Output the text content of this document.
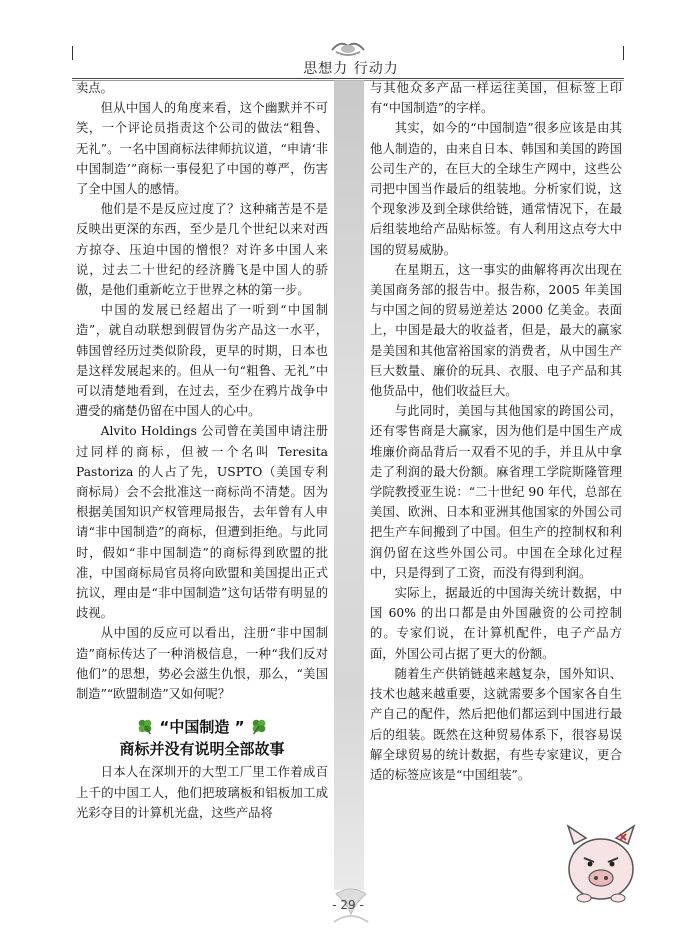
思想力 行动力

卖点。

但从中国人的角度来看，这个幽默并不可笑，一个评论员指责这个公司的做法“粗鲁、无礼”。一名中国商标法律师抗议道，“申请‘非中国制造’”商标一事侵犯了中国的尊严，伤害了全中国人的感情。

他们是不是反应过度了？这种痛苦是不是反映出更深的东西，至少是几个世纪以来对西方掠夺、压迫中国的憎恨？对许多中国人来说，过去二十世纪的经济腾飞是中国人的骄傲，是他们重新屹立于世界之林的第一步。

中国的发展已经超出了一听到“中国制造”，就自动联想到假冒伪劣产品这一水平，韩国曾经历过类似阶段，更早的时期，日本也是这样发展起来的。但从一句“粗鲁、无礼”中可以清楚地看到，在过去，至少在鸦片战争中遭受的痛楚仍留在中国人的心中。

Alvito Holdings 公司曾在美国申请注册过同样的商标，但被一个名叫 Teresita Pastoriza 的人占了先，USPTO（美国专利商标局）会不会批准这一商标尚不清楚。因为根据美国知识产权管理局报告，去年曾有人申请“非中国制造”的商标，但遭到拒绝。与此同时，假如“非中国制造”的商标得到欧盟的批准，中国商标局官员将向欧盟和美国提出正式抗议，理由是“非中国制造”这句话带有明显的歧视。

从中国的反应可以看出，注册“非中国制造”商标传达了一种消极信息，一种“我们反对他们”的思想，势必会滋生仇恨，那么，“美国制造”“欧盟制造”又如何呢？

“中国制造 ”
商标并没有说明全部故事

日本人在深圳开的大型工厂里工作着成百上千的中国工人，他们把玻璃板和铝板加工成光彩夺目的计算机光盘，这些产品将

与其他众多产品一样运往美国，但标签上印有“中国制造”的字样。

其实，如今的“中国制造”很多应该是由其他人制造的，由来自日本、韩国和美国的跨国公司生产的，在巨大的全球生产网中，这些公司把中国当作最后的组装地。分析家们说，这个现象涉及到全球供给链，通常情况下，在最后组装地给产品贴标签。有人利用这点夸大中国的贸易威胁。

在星期五，这一事实的曲解将再次出现在美国商务部的报告中。报告称，2005 年美国与中国之间的贸易逆差达 2000 亿美金。表面上，中国是最大的收益者，但是，最大的赢家是美国和其他富裕国家的消费者，从中国生产巨大数量、廉价的玩具、衣服、电子产品和其他货品中，他们收益巨大。

与此同时，美国与其他国家的跨国公司，还有零售商是大赢家，因为他们是中国生产成堆廉价商品背后一双看不见的手，并且从中拿走了利润的最大份额。麻省理工学院斯隆管理学院教授亚生说：“二十世纪 90 年代，总部在美国、欧洲、日本和亚洲其他国家的外国公司把生产车间搬到了中国。但生产的控制权和利润仍留在这些外国公司。中国在全球化过程中，只是得到了工资，而没有得到利润。

实际上，据最近的中国海关统计数据，中国 60% 的出口都是由外国融资的公司控制的。专家们说，在计算机配件，电子产品方面，外国公司占据了更大的份额。

随着生产供销链越来越复杂，国外知识、技术也越来越重要，这就需要多个国家各自生产自己的配件，然后把他们都运到中国进行最后的组装。既然在这种贸易体系下，很容易误解全球贸易的统计数据，有些专家建议，更合适的标签应该是“中国组装”。

- 29 -
